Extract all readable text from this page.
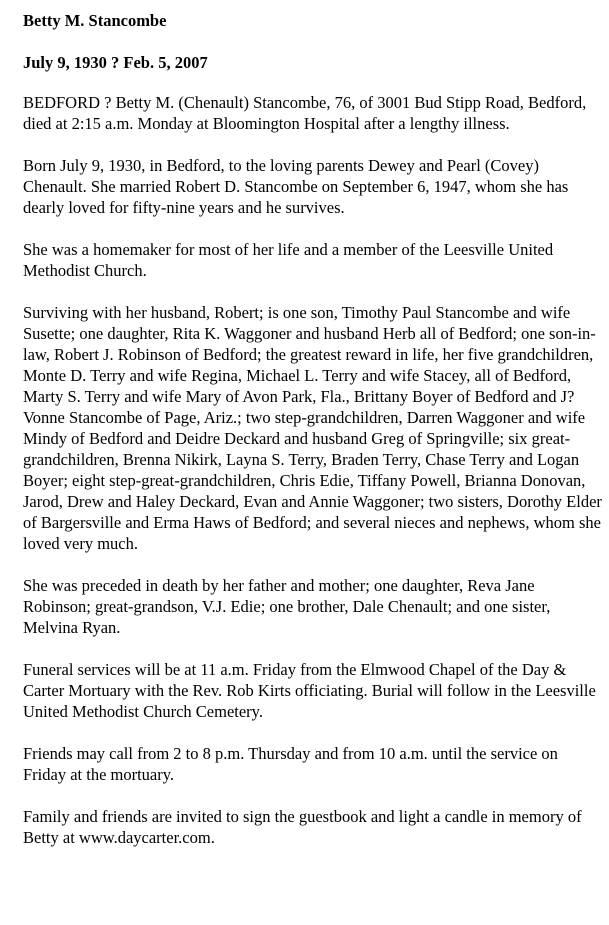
Betty M. Stancombe
July 9, 1930 ? Feb. 5, 2007

BEDFORD ? Betty M. (Chenault) Stancombe, 76, of 3001 Bud Stipp Road, Bedford, died at 2:15 a.m. Monday at Bloomington Hospital after a lengthy illness.

Born July 9, 1930, in Bedford, to the loving parents Dewey and Pearl (Covey) Chenault. She married Robert D. Stancombe on September 6, 1947, whom she has dearly loved for fifty-nine years and he survives.

She was a homemaker for most of her life and a member of the Leesville United Methodist Church.

Surviving with her husband, Robert; is one son, Timothy Paul Stancombe and wife Susette; one daughter, Rita K. Waggoner and husband Herb all of Bedford; one son-in-law, Robert J. Robinson of Bedford; the greatest reward in life, her five grandchildren, Monte D. Terry and wife Regina, Michael L. Terry and wife Stacey, all of Bedford, Marty S. Terry and wife Mary of Avon Park, Fla., Brittany Boyer of Bedford and J?Vonne Stancombe of Page, Ariz.; two step-grandchildren, Darren Waggoner and wife Mindy of Bedford and Deidre Deckard and husband Greg of Springville; six great-grandchildren, Brenna Nikirk, Layna S. Terry, Braden Terry, Chase Terry and Logan Boyer; eight step-great-grandchildren, Chris Edie, Tiffany Powell, Brianna Donovan, Jarod, Drew and Haley Deckard, Evan and Annie Waggoner; two sisters, Dorothy Elder of Bargersville and Erma Haws of Bedford; and several nieces and nephews, whom she loved very much.

She was preceded in death by her father and mother; one daughter, Reva Jane Robinson; great-grandson, V.J. Edie; one brother, Dale Chenault; and one sister, Melvina Ryan.

Funeral services will be at 11 a.m. Friday from the Elmwood Chapel of the Day & Carter Mortuary with the Rev. Rob Kirts officiating. Burial will follow in the Leesville United Methodist Church Cemetery.

Friends may call from 2 to 8 p.m. Thursday and from 10 a.m. until the service on Friday at the mortuary.

Family and friends are invited to sign the guestbook and light a candle in memory of Betty at www.daycarter.com.
